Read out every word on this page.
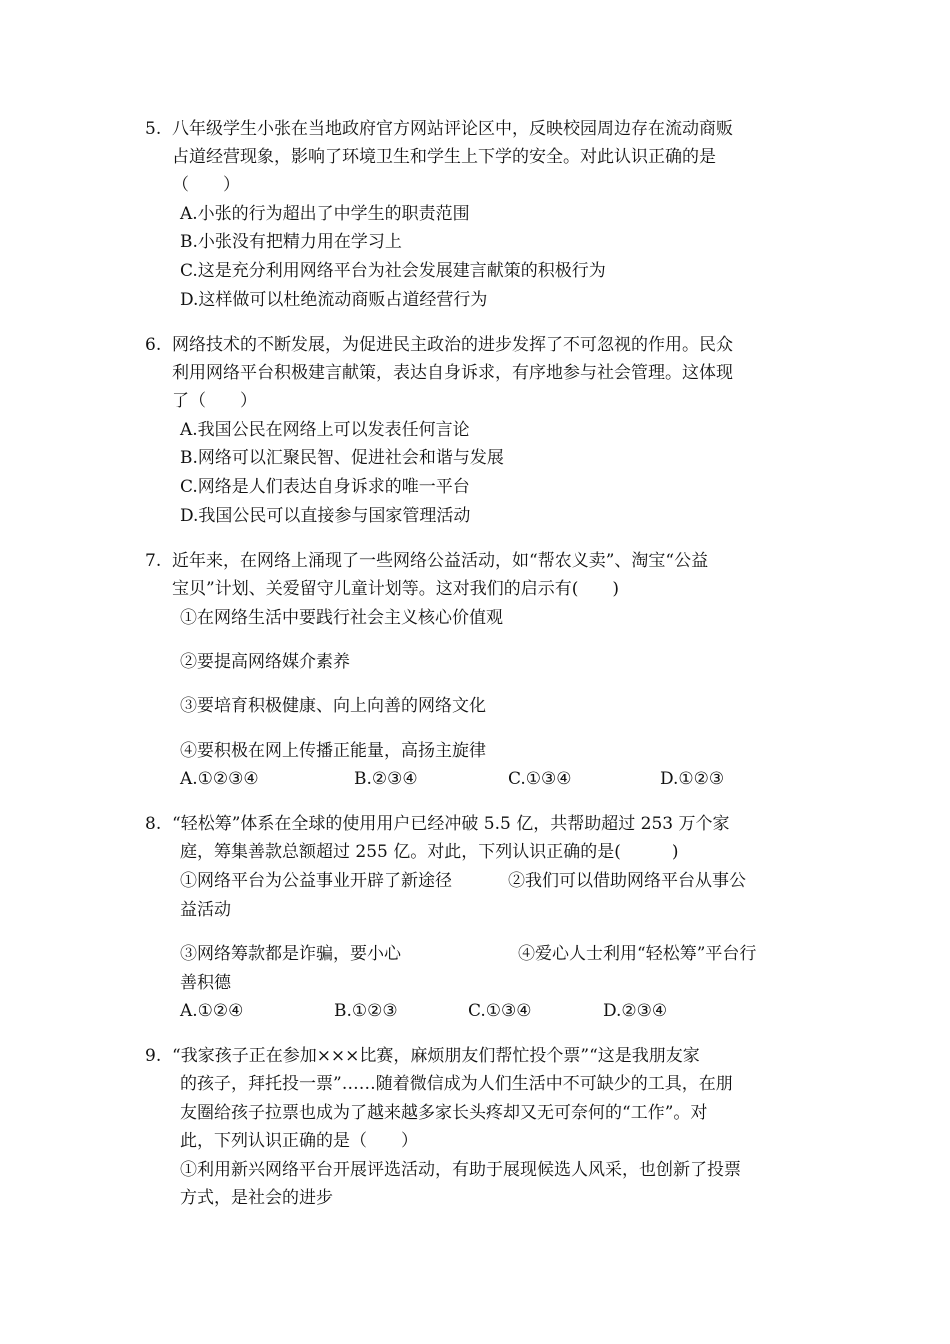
5. 八年级学生小张在当地政府官方网站评论区中，反映校园周边存在流动商贩
占道经营现象，影响了环境卫生和学生上下学的安全。对此认识正确的是
（　　）
A.小张的行为超出了中学生的职责范围
B.小张没有把精力用在学习上
C.这是充分利用网络平台为社会发展建言献策的积极行为
D.这样做可以杜绝流动商贩占道经营行为
6. 网络技术的不断发展，为促进民主政治的进步发挥了不可忽视的作用。民众
利用网络平台积极建言献策，表达自身诉求，有序地参与社会管理。这体现
了（　　）
A.我国公民在网络上可以发表任何言论
B.网络可以汇聚民智、促进社会和谐与发展
C.网络是人们表达自身诉求的唯一平台
D.我国公民可以直接参与国家管理活动
7. 近年来，在网络上涌现了一些网络公益活动，如“帮农义卖”、淘宝“公益
宝贝”计划、关爱留守儿童计划等。这对我们的启示有(　　)
①在网络生活中要践行社会主义核心价值观
②要提高网络媒介素养
③要培育积极健康、向上向善的网络文化
④要积极在网上传播正能量，高扬主旋律
A.①②③④	B.②③④	C.①③④	D.①②③
8. “轻松筹”体系在全球的使用用户已经冲破 5.5 亿，共帮助超过 253 万个家
庭，筹集善款总额超过 255 亿。对此，下列认识正确的是(　　　)
①网络平台为公益事业开辟了新途径	②我们可以借助网络平台从事公
益活动
③网络筹款都是诈骗，要小心	④爱心人士利用“轻松筹”平台行
善积德
A.①②④	B.①②③	C.①③④	D.②③④
9. “我家孩子正在参加×××比赛，麻烦朋友们帮忙投个票”“这是我朋友家
的孩子，拜托投一票”……随着微信成为人们生活中不可缺少的工具，在朋
友圈给孩子拉票也成为了越来越多家长头疼却又无可奈何的“工作”。对
此，下列认识正确的是（　　）
①利用新兴网络平台开展评选活动，有助于展现候选人风采，也创新了投票
方式，是社会的进步
